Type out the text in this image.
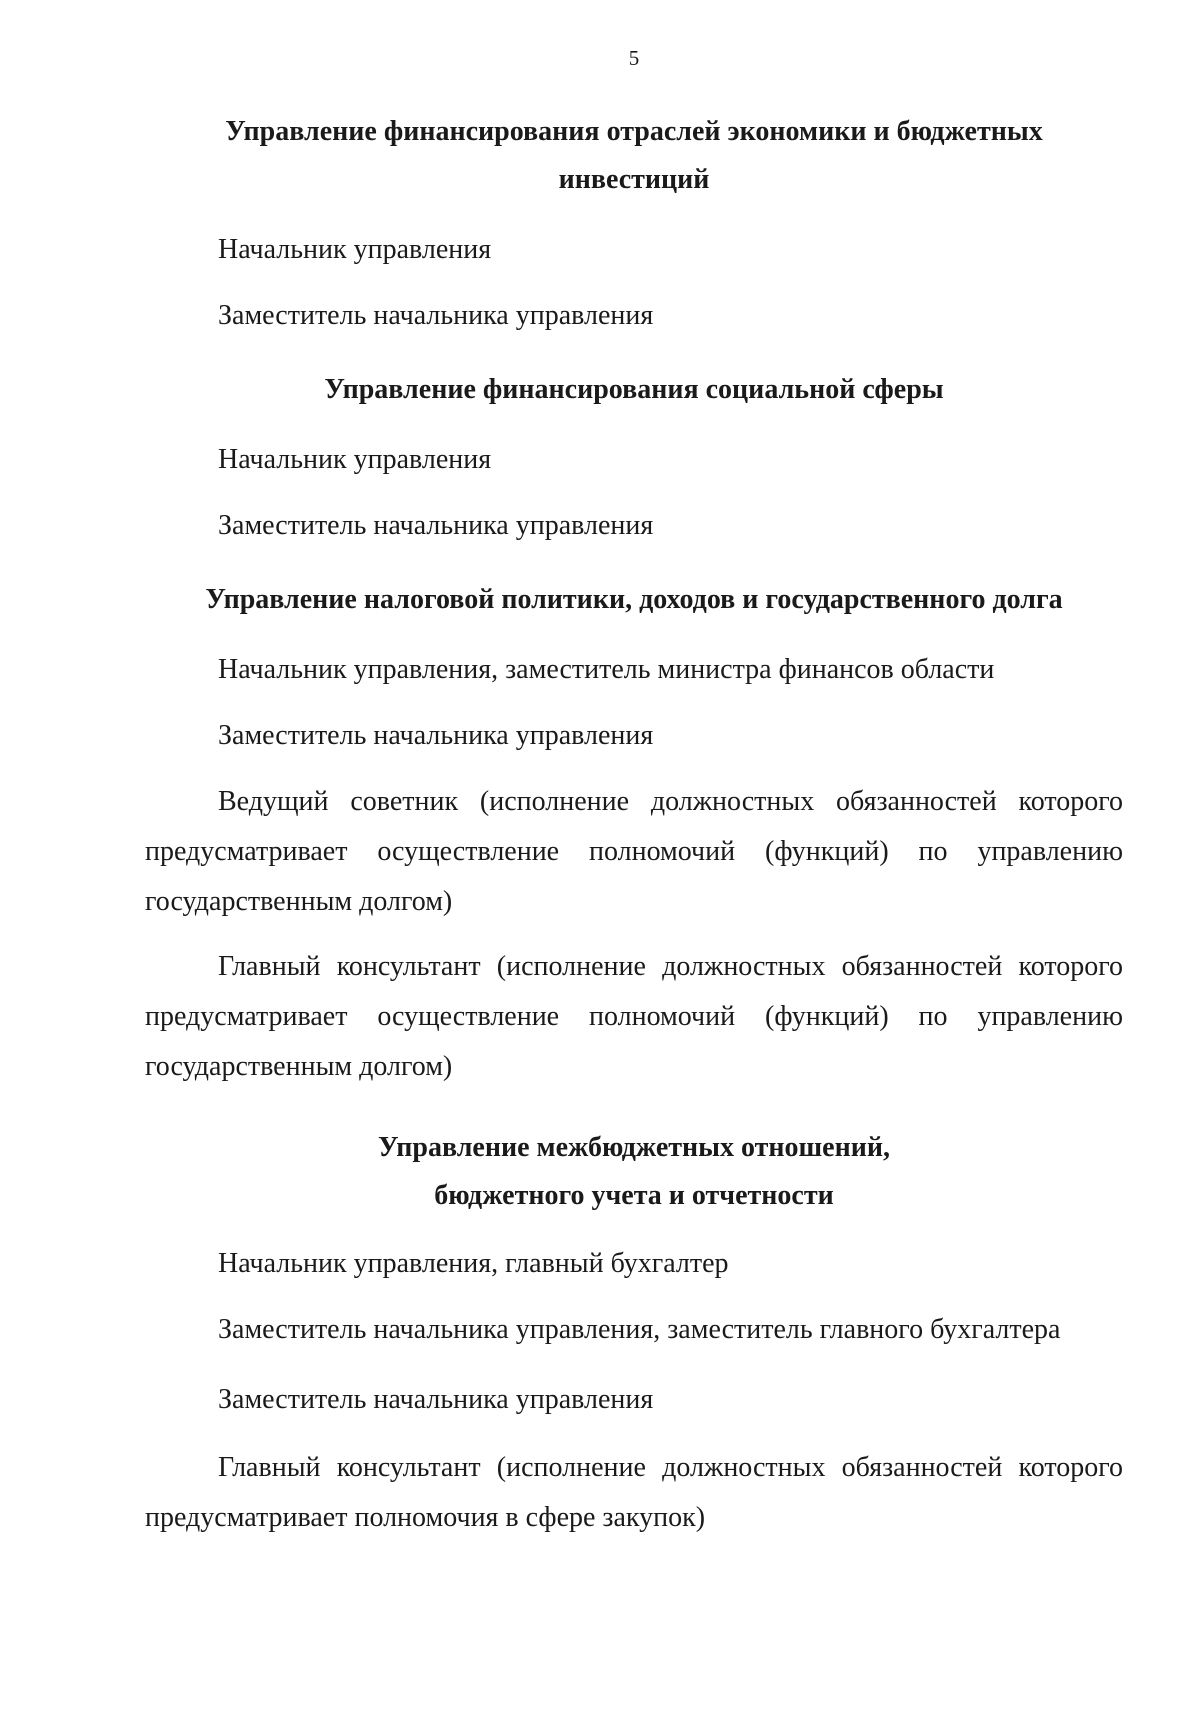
5
Управление финансирования отраслей экономики и бюджетных
инвестиций
Начальник управления
Заместитель начальника управления
Управление финансирования социальной сферы
Начальник управления
Заместитель начальника управления
Управление налоговой политики, доходов и государственного долга
Начальник управления, заместитель министра финансов области
Заместитель начальника управления
Ведущий советник (исполнение должностных обязанностей которого предусматривает осуществление полномочий (функций) по управлению государственным долгом)
Главный консультант (исполнение должностных обязанностей которого предусматривает осуществление полномочий (функций) по управлению государственным долгом)
Управление межбюджетных отношений,
бюджетного учета и отчетности
Начальник управления, главный бухгалтер
Заместитель начальника управления, заместитель главного бухгалтера
Заместитель начальника управления
Главный консультант (исполнение должностных обязанностей которого предусматривает полномочия в сфере закупок)
